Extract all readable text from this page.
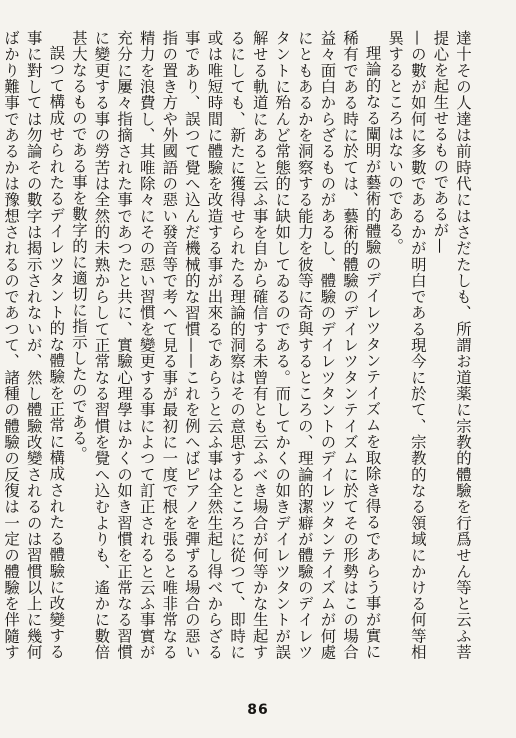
達十その人達は前時代にはさだたしも、所謂お道薬に宗教的體驗を行爲せん等と云ふ菩提心を起生せるものであるが—

—の數が如何に多數であるかが明白である現今に於て、宗教的なる領域にかける何等相異するところはないのである。

理論的なる闡明が藝術的體驗のデイレツタンテイズムを取除き得るであらう事が實に稀有である時に於ては、藝術的體驗のデイレツタンテイズムに於てその形勢はこの場合益々面白からざるものがあるし、體驗のデイレツタントのデイレツタンテイズムが何處にともあるかを洞察する能力を彼等に奇與するところの、理論的潔癖が體驗のデイレツタントに殆んど常態的に缺如してゐるのである。而してかくの如きデイレツタントが誤解せる軌道にあると云ふ事を自から確信する未曾有とも云ふべき場合が何等かな生起するにしても、新たに獲得せられたる理論的洞察はその意思するところに從つて、即時に或は唯短時間に體驗を改造する事が出來るであらうと云ふ事は全然生起し得べからざる事であり、誤つて覺へ込んだ機械的な習慣——これを例へばピアノを彈ずる場合の惡い指の置き方や外國語の惡い發音等で考へて見る事が最初に一度で根を張ると唯非常なる精力を浪費し、其唯除々にその惡い習慣を變更する事によつて訂正されると云ふ事實が充分に屢々指摘された事であつたと共に、實驗心理學はかくの如き習慣を正常なる習慣に變更する事の勞苦は全然的未熟からして正常なる習慣を覺へ込むよりも、遙かに數倍甚大なるものである事を數字的に適切に指示したのである。

誤つて構成せられたるデイレツタント的な體驗を正常に構成されたる體驗に改變する事に對しては勿論その數字は揭示されないが、然し體驗改變されるのは習慣以上に幾何ばかり難事であるかは豫想されるのであつて、諸種の體驗の反復は一定の體驗を伴隨す

86
